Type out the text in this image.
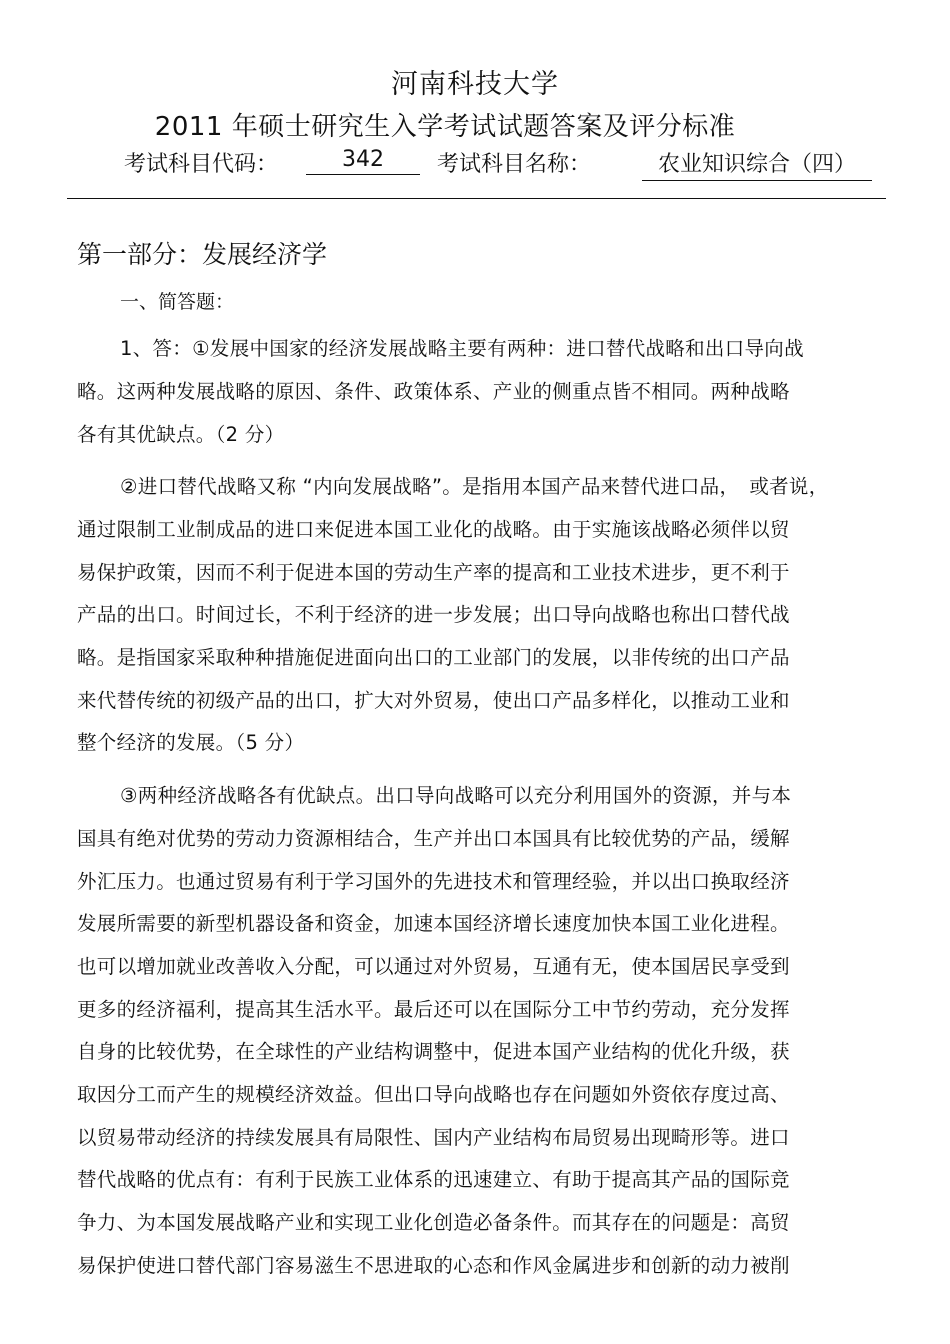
河南科技大学
2011 年硕士研究生入学考试试题答案及评分标准
考试科目代码：	342	考试科目名称：	农业知识综合（四）
第一部分：发展经济学
一、简答题：

1、答：①发展中国家的经济发展战略主要有两种：进口替代战略和出口导向战
略。这两种发展战略的原因、条件、政策体系、产业的侧重点皆不相同。两种战略
各有其优缺点。（2 分）

②进口替代战略又称 “内向发展战略”。是指用本国产品来替代进口品，　或者说，
通过限制工业制成品的进口来促进本国工业化的战略。由于实施该战略必须伴以贸
易保护政策，因而不利于促进本国的劳动生产率的提高和工业技术进步，更不利于
产品的出口。时间过长，不利于经济的进一步发展；出口导向战略也称出口替代战
略。是指国家采取种种措施促进面向出口的工业部门的发展，以非传统的出口产品
来代替传统的初级产品的出口，扩大对外贸易，使出口产品多样化，以推动工业和
整个经济的发展。（5 分）

③两种经济战略各有优缺点。出口导向战略可以充分利用国外的资源，并与本
国具有绝对优势的劳动力资源相结合，生产并出口本国具有比较优势的产品，缓解
外汇压力。也通过贸易有利于学习国外的先进技术和管理经验，并以出口换取经济
发展所需要的新型机器设备和资金，加速本国经济增长速度加快本国工业化进程。
也可以增加就业改善收入分配，可以通过对外贸易，互通有无，使本国居民享受到
更多的经济福利，提高其生活水平。最后还可以在国际分工中节约劳动，充分发挥
自身的比较优势，在全球性的产业结构调整中，促进本国产业结构的优化升级，获
取因分工而产生的规模经济效益。但出口导向战略也存在问题如外资依存度过高、
以贸易带动经济的持续发展具有局限性、国内产业结构布局贸易出现畸形等。进口
替代战略的优点有：有利于民族工业体系的迅速建立、有助于提高其产品的国际竞
争力、为本国发展战略产业和实现工业化创造必备条件。而其存在的问题是：高贸
易保护使进口替代部门容易滋生不思进取的心态和作风金属进步和创新的动力被削
